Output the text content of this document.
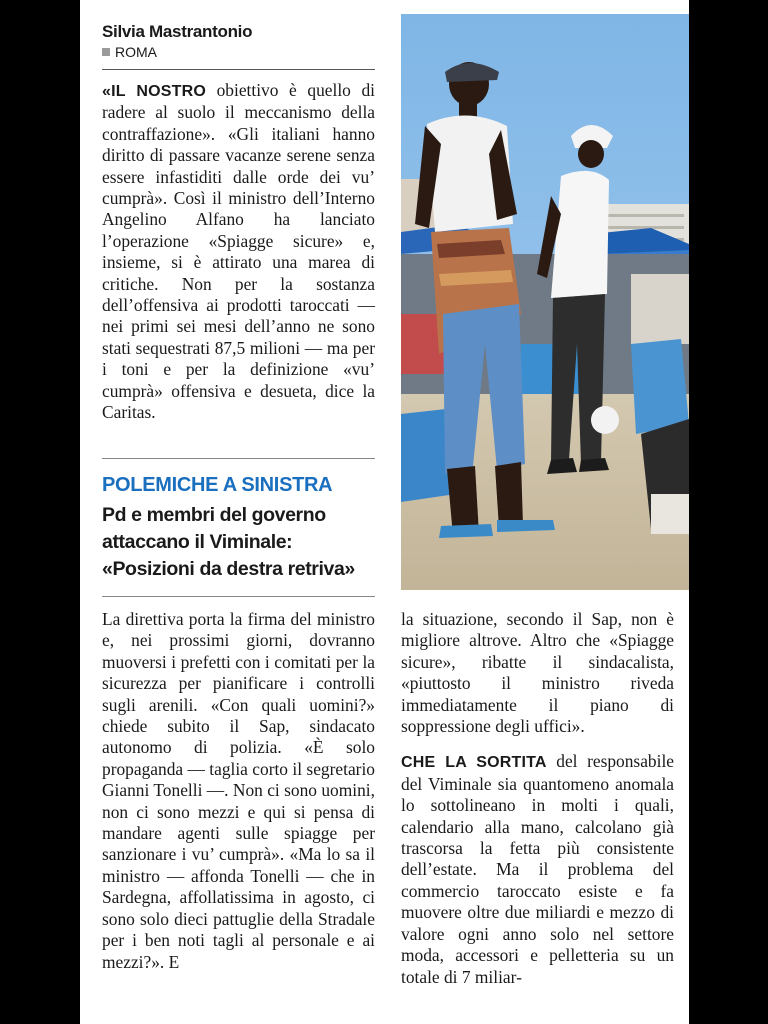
Silvia Mastrantonio
ROMA

«IL NOSTRO obiettivo è quello di radere al suolo il meccanismo della contraffazione». «Gli italiani hanno diritto di passare vacanze serene senza essere infastiditi dalle orde dei vu’ cumprà». Così il ministro dell’Interno Angelino Alfano ha lanciato l’operazione «Spiagge sicure» e, insieme, si è attirato una marea di critiche. Non per la sostanza dell’offensiva ai prodotti taroccati — nei primi sei mesi dell’anno ne sono stati sequestrati 87,5 milioni — ma per i toni e per la definizione «vu’ cumprà» offensiva e desueta, dice la Caritas.

POLEMICHE A SINISTRA
Pd e membri del governo attaccano il Viminale: «Posizioni da destra retriva»

La direttiva porta la firma del ministro e, nei prossimi giorni, dovranno muoversi i prefetti con i comitati per la sicurezza per pianificare i controlli sugli arenili. «Con quali uomini?» chiede subito il Sap, sindacato autonomo di polizia. «È solo propaganda — taglia corto il segretario Gianni Tonelli —. Non ci sono uomini, non ci sono mezzi e qui si pensa di mandare agenti sulle spiagge per sanzionare i vu’ cumprà». «Ma lo sa il ministro — affonda Tonelli — che in Sardegna, affollatissima in agosto, ci sono solo dieci pattuglie della Stradale per i ben noti tagli al personale e ai mezzi?». E

la situazione, secondo il Sap, non è migliore altrove. Altro che «Spiagge sicure», ribatte il sindacalista, «piuttosto il ministro riveda immediatamente il piano di soppressione degli uffici».

CHE LA SORTITA del responsabile del Viminale sia quantomeno anomala lo sottolineano in molti i quali, calendario alla mano, calcolano già trascorsa la fetta più consistente dell’estate. Ma il problema del commercio taroccato esiste e fa muovere oltre due miliardi e mezzo di valore ogni anno solo nel settore moda, accessori e pelletteria su un totale di 7 miliar-
